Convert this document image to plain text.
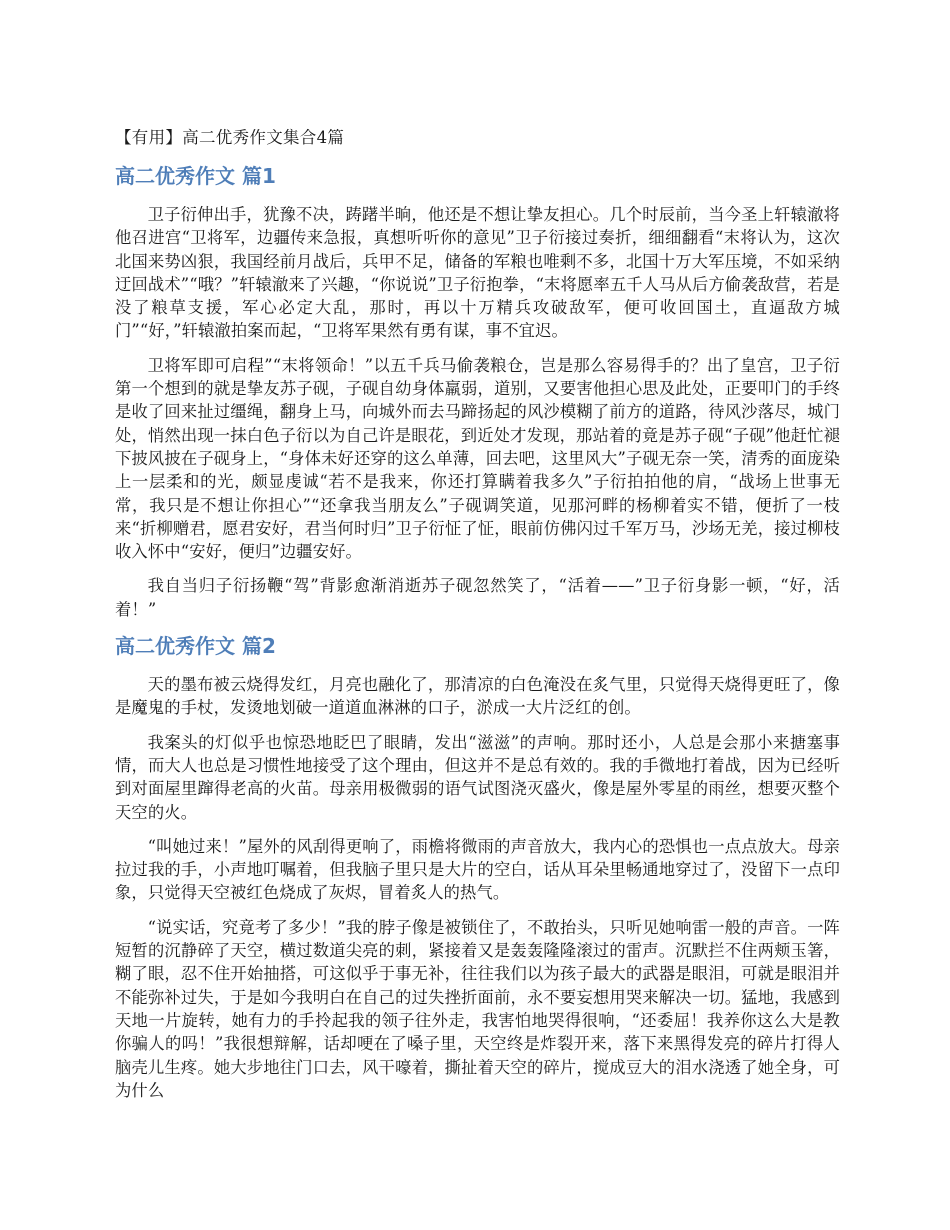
【有用】高二优秀作文集合4篇
高二优秀作文 篇1

卫子衍伸出手，犹豫不决，踌躇半晌，他还是不想让挚友担心。几个时辰前，当今圣上轩辕澈将他召进宫“卫将军，边疆传来急报，真想听听你的意见”卫子衍接过奏折，细细翻看“末将认为，这次北国来势凶狠，我国经前月战后，兵甲不足，储备的军粮也唯剩不多，北国十万大军压境，不如采纳迂回战术”“哦？”轩辕澈来了兴趣，“你说说”卫子衍抱拳，“末将愿率五千人马从后方偷袭敌营，若是没了粮草支援，军心必定大乱，那时，再以十万精兵攻破敌军，便可收回国土，直逼敌方城门”“好，”轩辕澈拍案而起，“卫将军果然有勇有谋，事不宜迟。

卫将军即可启程”“末将领命！”以五千兵马偷袭粮仓，岂是那么容易得手的？出了皇宫，卫子衍第一个想到的就是挚友苏子砚，子砚自幼身体羸弱，道别，又要害他担心思及此处，正要叩门的手终是收了回来扯过缰绳，翻身上马，向城外而去马蹄扬起的风沙模糊了前方的道路，待风沙落尽，城门处，悄然出现一抹白色子衍以为自己许是眼花，到近处才发现，那站着的竟是苏子砚“子砚”他赶忙褪下披风披在子砚身上，“身体未好还穿的这么单薄，回去吧，这里风大”子砚无奈一笑，清秀的面庞染上一层柔和的光，颇显虔诚“若不是我来，你还打算瞒着我多久”子衍拍拍他的肩，“战场上世事无常，我只是不想让你担心”“还拿我当朋友么”子砚调笑道，见那河畔的杨柳着实不错，便折了一枝来“折柳赠君，愿君安好，君当何时归”卫子衍怔了怔，眼前仿佛闪过千军万马，沙场无羌，接过柳枝收入怀中“安好，便归”边疆安好。

我自当归子衍扬鞭“驾”背影愈渐消逝苏子砚忽然笑了，“活着——”卫子衍身影一顿，“好，活着！”

高二优秀作文 篇2

天的墨布被云烧得发红，月亮也融化了，那清凉的白色淹没在炙气里，只觉得天烧得更旺了，像是魔鬼的手杖，发烫地划破一道道血淋淋的口子，淤成一大片泛红的创。

我案头的灯似乎也惊恐地眨巴了眼睛，发出“滋滋”的声响。那时还小，人总是会那小来搪塞事情，而大人也总是习惯性地接受了这个理由，但这并不是总有效的。我的手微地打着战，因为已经听到对面屋里蹿得老高的火苗。母亲用极微弱的语气试图浇灭盛火，像是屋外零星的雨丝，想要灭整个天空的火。

“叫她过来！”屋外的风刮得更响了，雨檐将微雨的声音放大，我内心的恐惧也一点点放大。母亲拉过我的手，小声地叮嘱着，但我脑子里只是大片的空白，话从耳朵里畅通地穿过了，没留下一点印象，只觉得天空被红色烧成了灰烬，冒着炙人的热气。

“说实话，究竟考了多少！”我的脖子像是被锁住了，不敢抬头，只听见她响雷一般的声音。一阵短暂的沉静碎了天空，横过数道尖亮的刺，紧接着又是轰轰隆隆滚过的雷声。沉默拦不住两颊玉箸，糊了眼，忍不住开始抽搭，可这似乎于事无补，往往我们以为孩子最大的武器是眼泪，可就是眼泪并不能弥补过失，于是如今我明白在自己的过失挫折面前，永不要妄想用哭来解决一切。猛地，我感到天地一片旋转，她有力的手拎起我的领子往外走，我害怕地哭得很响，“还委屈！我养你这么大是教你骗人的吗！”我很想辩解，话却哽在了嗓子里，天空终是炸裂开来，落下来黑得发亮的碎片打得人脑壳儿生疼。她大步地往门口去，风干嚎着，撕扯着天空的碎片，搅成豆大的泪水浇透了她全身，可为什么
